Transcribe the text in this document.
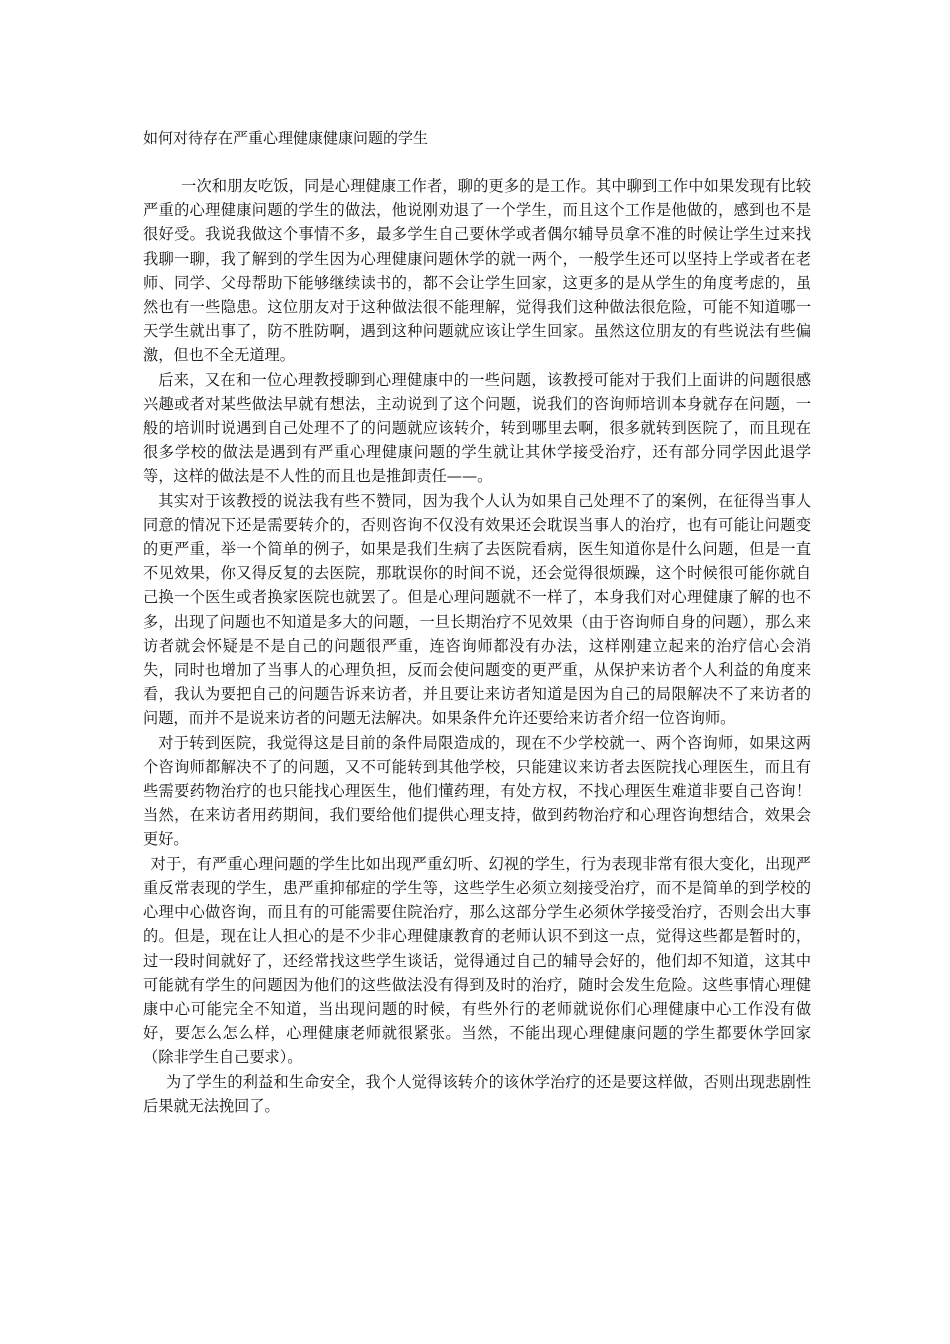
如何对待存在严重心理健康健康问题的学生

　一次和朋友吃饭，同是心理健康工作者，聊的更多的是工作。其中聊到工作中如果发现有比较严重的心理健康问题的学生的做法，他说刚劝退了一个学生，而且这个工作是他做的，感到也不是很好受。我说我做这个事情不多，最多学生自己要休学或者偶尔辅导员拿不准的时候让学生过来找我聊一聊，我了解到的学生因为心理健康问题休学的就一两个，一般学生还可以坚持上学或者在老师、同学、父母帮助下能够继续读书的，都不会让学生回家，这更多的是从学生的角度考虑的，虽然也有一些隐患。这位朋友对于这种做法很不能理解，觉得我们这种做法很危险，可能不知道哪一天学生就出事了，防不胜防啊，遇到这种问题就应该让学生回家。虽然这位朋友的有些说法有些偏激，但也不全无道理。

后来，又在和一位心理教授聊到心理健康中的一些问题，该教授可能对于我们上面讲的问题很感兴趣或者对某些做法早就有想法，主动说到了这个问题，说我们的咨询师培训本身就存在问题，一般的培训时说遇到自己处理不了的问题就应该转介，转到哪里去啊，很多就转到医院了，而且现在很多学校的做法是遇到有严重心理健康问题的学生就让其休学接受治疗，还有部分同学因此退学等，这样的做法是不人性的而且也是推卸责任——。

其实对于该教授的说法我有些不赞同，因为我个人认为如果自己处理不了的案例，在征得当事人同意的情况下还是需要转介的，否则咨询不仅没有效果还会耽误当事人的治疗，也有可能让问题变的更严重，举一个简单的例子，如果是我们生病了去医院看病，医生知道你是什么问题，但是一直不见效果，你又得反复的去医院，那耽误你的时间不说，还会觉得很烦躁，这个时候很可能你就自己换一个医生或者换家医院也就罢了。但是心理问题就不一样了，本身我们对心理健康了解的也不多，出现了问题也不知道是多大的问题，一旦长期治疗不见效果（由于咨询师自身的问题），那么来访者就会怀疑是不是自己的问题很严重，连咨询师都没有办法，这样刚建立起来的治疗信心会消失，同时也增加了当事人的心理负担，反而会使问题变的更严重，从保护来访者个人利益的角度来看，我认为要把自己的问题告诉来访者，并且要让来访者知道是因为自己的局限解决不了来访者的问题，而并不是说来访者的问题无法解决。如果条件允许还要给来访者介绍一位咨询师。

对于转到医院，我觉得这是目前的条件局限造成的，现在不少学校就一、两个咨询师，如果这两个咨询师都解决不了的问题，又不可能转到其他学校，只能建议来访者去医院找心理医生，而且有些需要药物治疗的也只能找心理医生，他们懂药理，有处方权，不找心理医生难道非要自己咨询！当然，在来访者用药期间，我们要给他们提供心理支持，做到药物治疗和心理咨询想结合，效果会更好。

对于，有严重心理问题的学生比如出现严重幻听、幻视的学生，行为表现非常有很大变化，出现严重反常表现的学生，患严重抑郁症的学生等，这些学生必须立刻接受治疗，而不是简单的到学校的心理中心做咨询，而且有的可能需要住院治疗，那么这部分学生必须休学接受治疗，否则会出大事的。但是，现在让人担心的是不少非心理健康教育的老师认识不到这一点，觉得这些都是暂时的，过一段时间就好了，还经常找这些学生谈话，觉得通过自己的辅导会好的，他们却不知道，这其中可能就有学生的问题因为他们的这些做法没有得到及时的治疗，随时会发生危险。这些事情心理健康中心可能完全不知道，当出现问题的时候，有些外行的老师就说你们心理健康中心工作没有做好，要怎么怎么样，心理健康老师就很紧张。当然，不能出现心理健康问题的学生都要休学回家（除非学生自己要求）。

　为了学生的利益和生命安全，我个人觉得该转介的该休学治疗的还是要这样做，否则出现悲剧性后果就无法挽回了。
